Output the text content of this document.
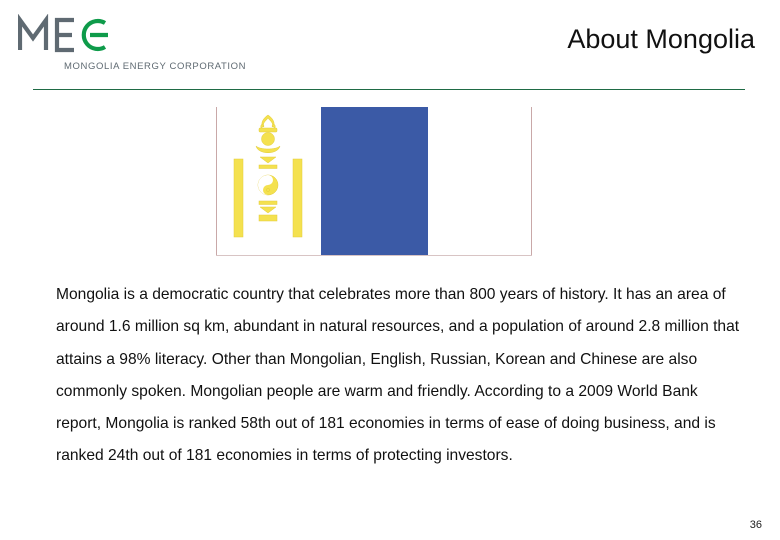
MONGOLIA ENERGY CORPORATION

About Mongolia

Mongolia is a democratic country that celebrates more than 800 years of history. It has an area of around 1.6 million sq km, abundant in natural resources, and a population of around 2.8 million that attains a 98% literacy. Other than Mongolian, English, Russian, Korean and Chinese are also commonly spoken. Mongolian people are warm and friendly. According to a 2009 World Bank report, Mongolia is ranked 58th out of 181 economies in terms of ease of doing business, and is ranked 24th out of 181 economies in terms of protecting investors.

36
